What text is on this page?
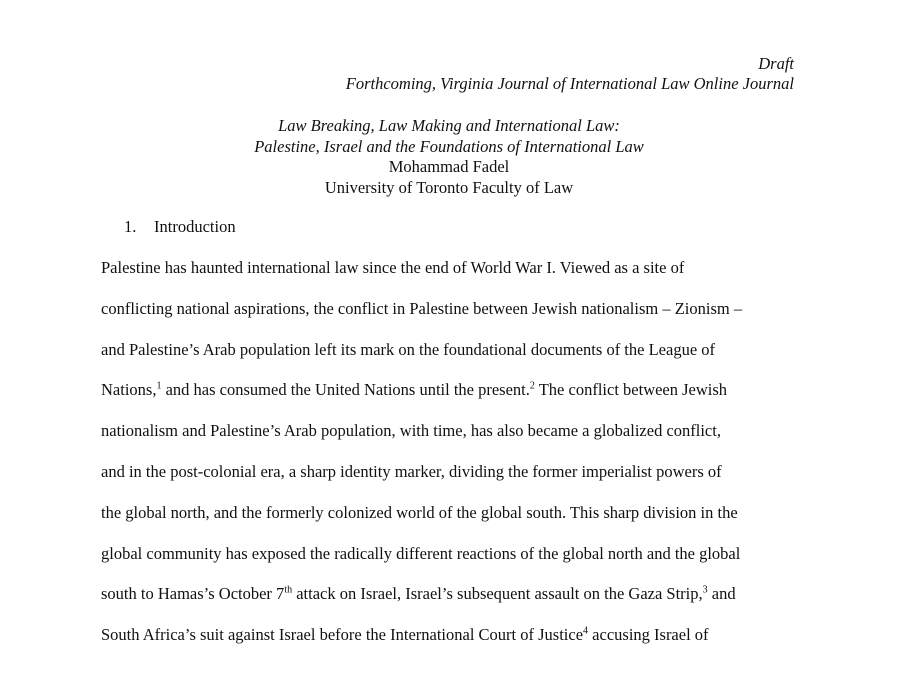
Draft
Forthcoming, Virginia Journal of International Law Online Journal
Law Breaking, Law Making and International Law:
Palestine, Israel and the Foundations of International Law
Mohammad Fadel
University of Toronto Faculty of Law
1. Introduction
Palestine has haunted international law since the end of World War I. Viewed as a site of
conflicting national aspirations, the conflict in Palestine between Jewish nationalism – Zionism –
and Palestine’s Arab population left its mark on the foundational documents of the League of
Nations,$^1$ and has consumed the United Nations until the present.$^2$ The conflict between Jewish
nationalism and Palestine’s Arab population, with time, has also became a globalized conflict,
and in the post-colonial era, a sharp identity marker, dividing the former imperialist powers of
the global north, and the formerly colonized world of the global south. This sharp division in the
global community has exposed the radically different reactions of the global north and the global
south to Hamas’s October 7th attack on Israel, Israel’s subsequent assault on the Gaza Strip,$^3$ and
South Africa’s suit against Israel before the International Court of Justice$^4$ accusing Israel of
